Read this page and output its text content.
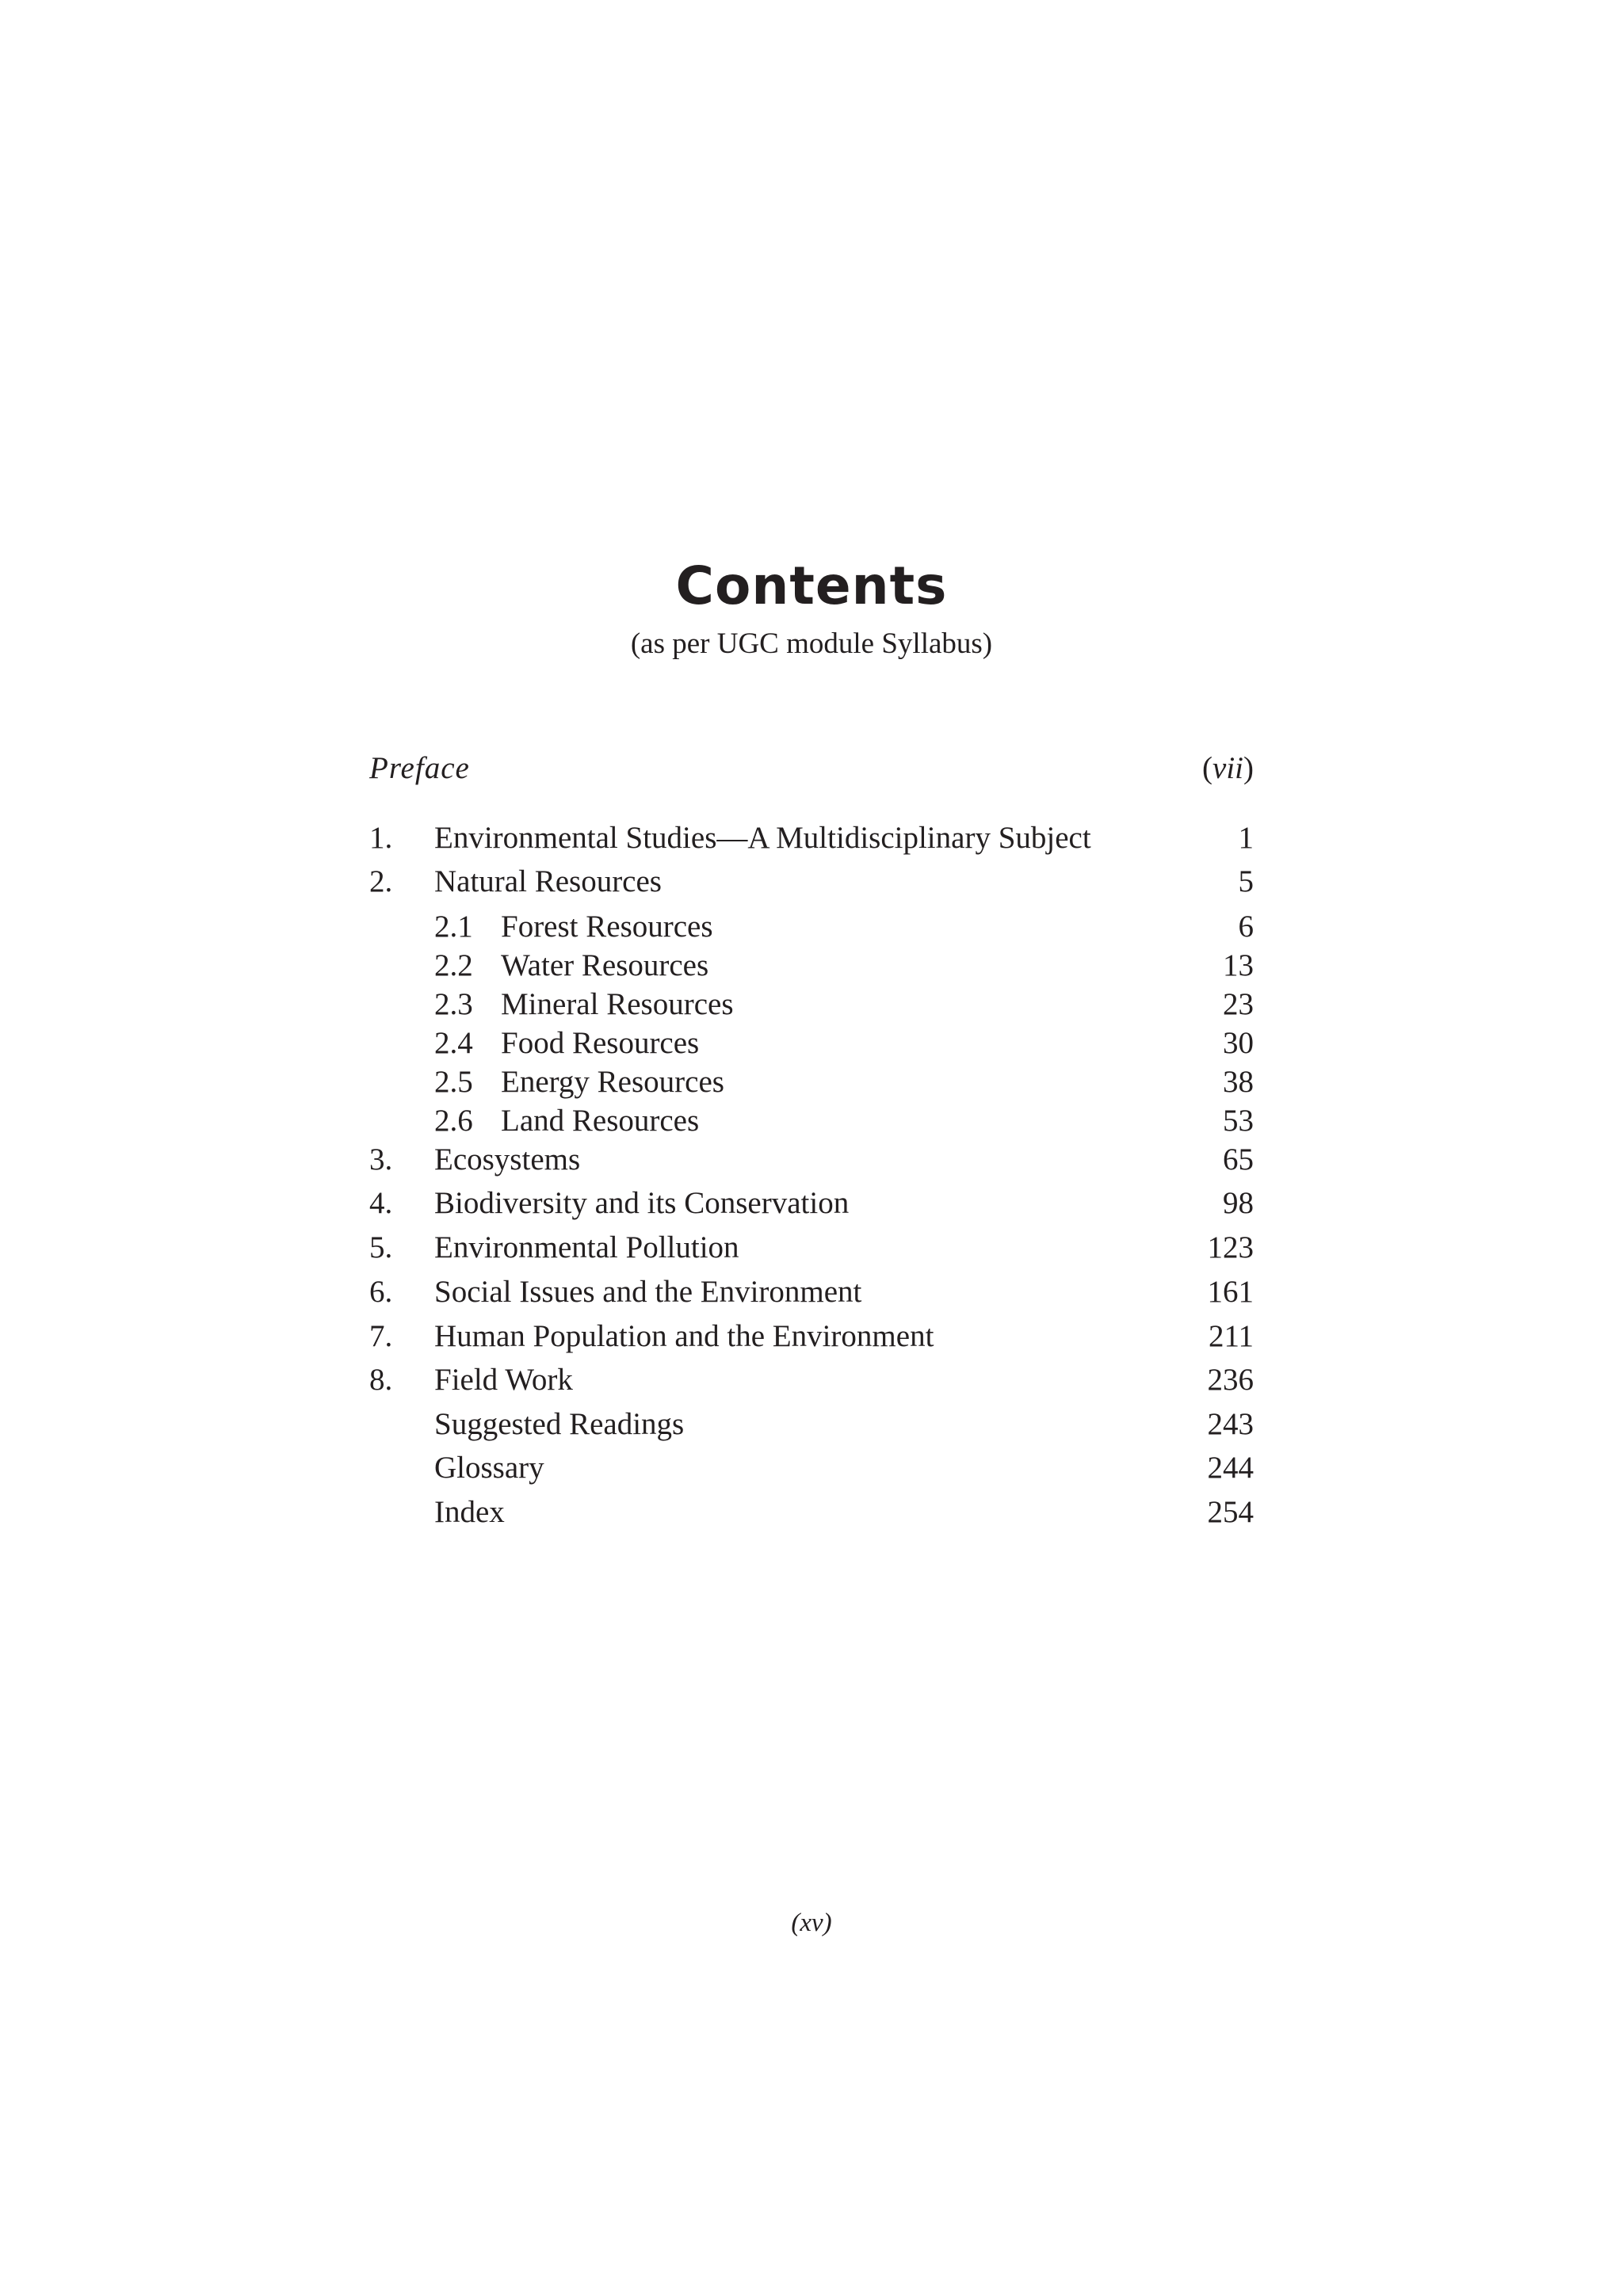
Contents
(as per UGC module Syllabus)
Preface	(vii)
1. Environmental Studies—A Multidisciplinary Subject	1
2. Natural Resources	5
2.1 Forest Resources	6
2.2 Water Resources	13
2.3 Mineral Resources	23
2.4 Food Resources	30
2.5 Energy Resources	38
2.6 Land Resources	53
3. Ecosystems	65
4. Biodiversity and its Conservation	98
5. Environmental Pollution	123
6. Social Issues and the Environment	161
7. Human Population and the Environment	211
8. Field Work	236
Suggested Readings	243
Glossary	244
Index	254
(xv)
